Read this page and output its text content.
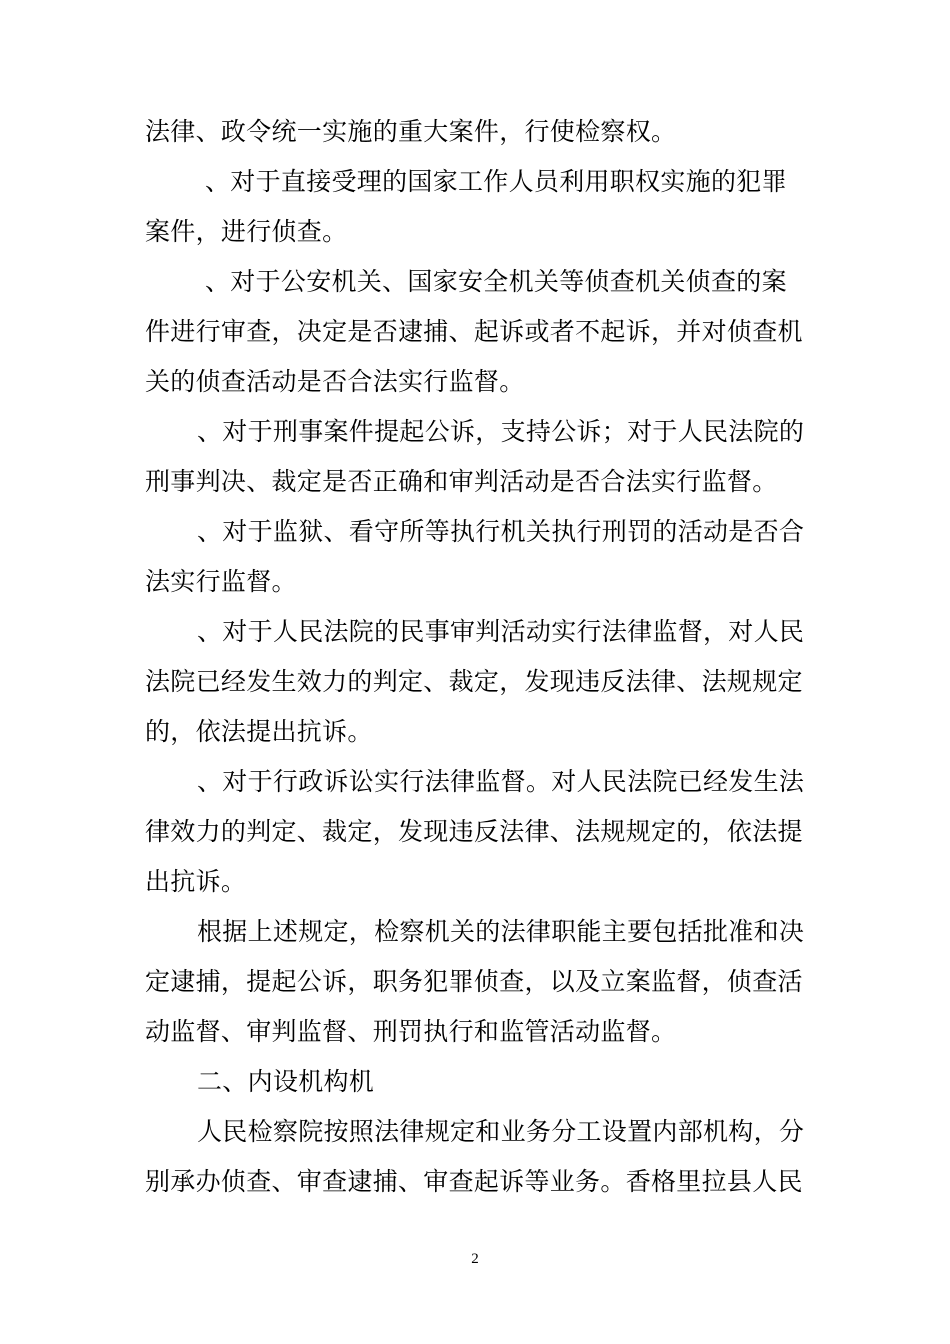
法律、政令统一实施的重大案件，行使检察权。
、对于直接受理的国家工作人员利用职权实施的犯罪
案件，进行侦查。
、对于公安机关、国家安全机关等侦查机关侦查的案
件进行审查，决定是否逮捕、起诉或者不起诉，并对侦查机
关的侦查活动是否合法实行监督。
、对于刑事案件提起公诉，支持公诉；对于人民法院的
刑事判决、裁定是否正确和审判活动是否合法实行监督。
、对于监狱、看守所等执行机关执行刑罚的活动是否合
法实行监督。
、对于人民法院的民事审判活动实行法律监督，对人民
法院已经发生效力的判定、裁定，发现违反法律、法规规定
的，依法提出抗诉。
、对于行政诉讼实行法律监督。对人民法院已经发生法
律效力的判定、裁定，发现违反法律、法规规定的，依法提
出抗诉。
根据上述规定，检察机关的法律职能主要包括批准和决
定逮捕，提起公诉，职务犯罪侦查，以及立案监督，侦查活
动监督、审判监督、刑罚执行和监管活动监督。
二、内设机构机
人民检察院按照法律规定和业务分工设置内部机构，分
别承办侦查、审查逮捕、审查起诉等业务。香格里拉县人民
2
